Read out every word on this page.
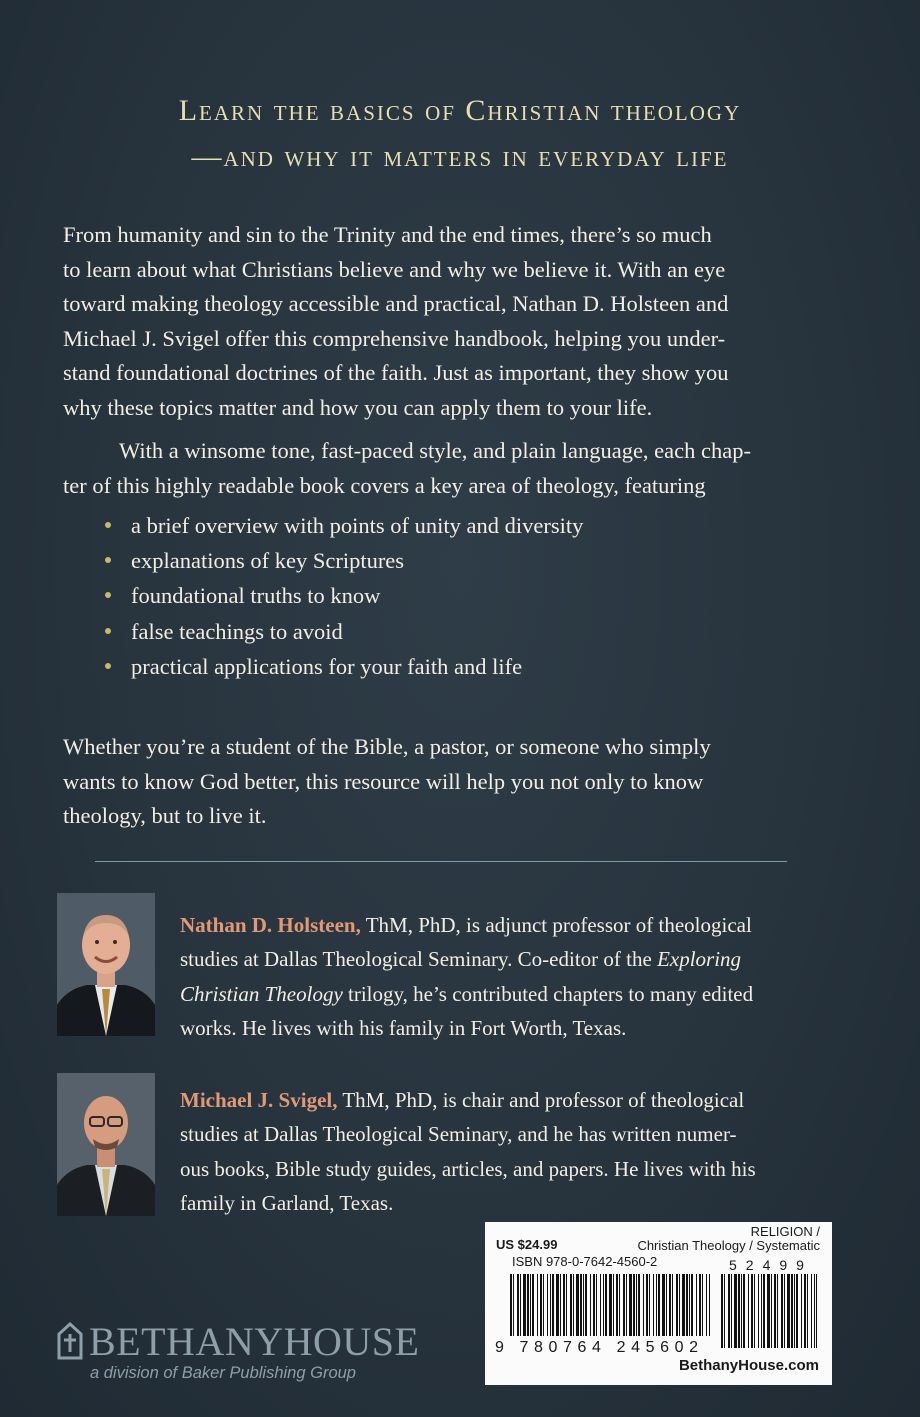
Learn the basics of Christian theology
—and why it matters in everyday life
From humanity and sin to the Trinity and the end times, there’s so much
to learn about what Christians believe and why we believe it. With an eye
toward making theology accessible and practical, Nathan D. Holsteen and
Michael J. Svigel offer this comprehensive handbook, helping you under-
stand foundational doctrines of the faith. Just as important, they show you
why these topics matter and how you can apply them to your life.
With a winsome tone, fast-paced style, and plain language, each chap-
ter of this highly readable book covers a key area of theology, featuring
a brief overview with points of unity and diversity
explanations of key Scriptures
foundational truths to know
false teachings to avoid
practical applications for your faith and life
Whether you’re a student of the Bible, a pastor, or someone who simply
wants to know God better, this resource will help you not only to know
theology, but to live it.
Nathan D. Holsteen, ThM, PhD, is adjunct professor of theological
studies at Dallas Theological Seminary. Co-editor of the Exploring
Christian Theology trilogy, he’s contributed chapters to many edited
works. He lives with his family in Fort Worth, Texas.
Michael J. Svigel, ThM, PhD, is chair and professor of theological
studies at Dallas Theological Seminary, and he has written numer-
ous books, Bible study guides, articles, and papers. He lives with his
family in Garland, Texas.
BETHANYHOUSE
a division of Baker Publishing Group
RELIGION /
Christian Theology / Systematic
US $24.99
ISBN 978-0-7642-4560-2
9 780764 245602
52499
BethanyHouse.com
